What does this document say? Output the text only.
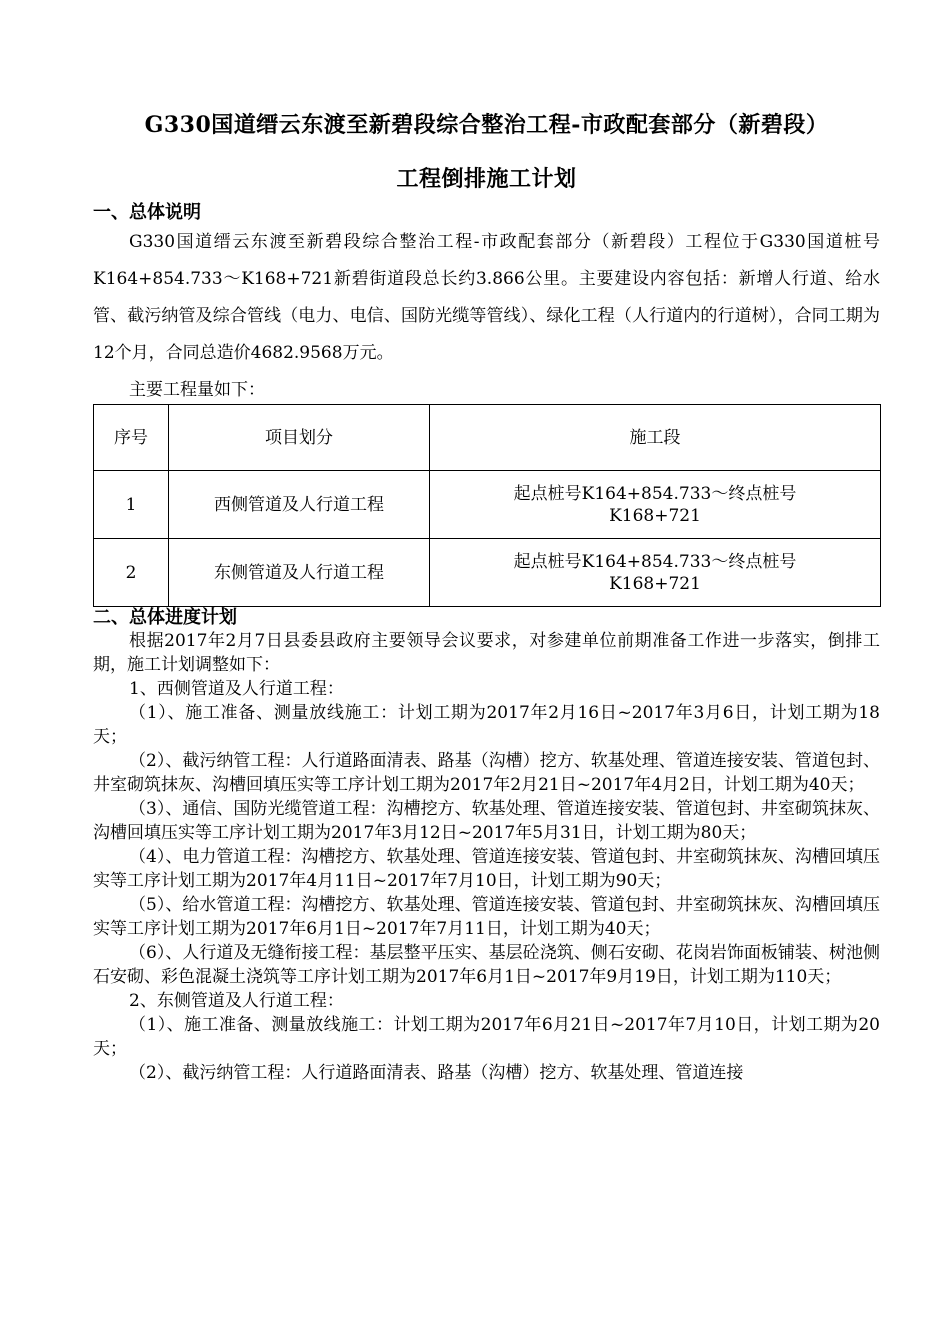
G330国道缙云东渡至新碧段综合整治工程-市政配套部分（新碧段）
工程倒排施工计划

一、总体说明

G330国道缙云东渡至新碧段综合整治工程-市政配套部分（新碧段）工程位于G330国道桩号K164+854.733～K168+721新碧街道段总长约3.866公里。主要建设内容包括：新增人行道、给水管、截污纳管及综合管线（电力、电信、国防光缆等管线）、绿化工程（人行道内的行道树），合同工期为12个月，合同总造价4682.9568万元。

主要工程量如下：

序号	项目划分	施工段
1	西侧管道及人行道工程	起点桩号K164+854.733～终点桩号K168+721
2	东侧管道及人行道工程	起点桩号K164+854.733～终点桩号K168+721

二、总体进度计划

根据2017年2月7日县委县政府主要领导会议要求，对参建单位前期准备工作进一步落实，倒排工期，施工计划调整如下：

1、西侧管道及人行道工程：

（1）、施工准备、测量放线施工：计划工期为2017年2月16日~2017年3月6日，计划工期为18天；

（2）、截污纳管工程：人行道路面清表、路基（沟槽）挖方、软基处理、管道连接安装、管道包封、井室砌筑抹灰、沟槽回填压实等工序计划工期为2017年2月21日~2017年4月2日，计划工期为40天；

（3）、通信、国防光缆管道工程：沟槽挖方、软基处理、管道连接安装、管道包封、井室砌筑抹灰、沟槽回填压实等工序计划工期为2017年3月12日~2017年5月31日，计划工期为80天；

（4）、电力管道工程：沟槽挖方、软基处理、管道连接安装、管道包封、井室砌筑抹灰、沟槽回填压实等工序计划工期为2017年4月11日~2017年7月10日，计划工期为90天；

（5）、给水管道工程：沟槽挖方、软基处理、管道连接安装、管道包封、井室砌筑抹灰、沟槽回填压实等工序计划工期为2017年6月1日~2017年7月11日，计划工期为40天；

（6）、人行道及无缝衔接工程：基层整平压实、基层砼浇筑、侧石安砌、花岗岩饰面板铺装、树池侧石安砌、彩色混凝土浇筑等工序计划工期为2017年6月1日~2017年9月19日，计划工期为110天；

2、东侧管道及人行道工程：

（1）、施工准备、测量放线施工：计划工期为2017年6月21日~2017年7月10日，计划工期为20天；

（2）、截污纳管工程：人行道路面清表、路基（沟槽）挖方、软基处理、管道连接
